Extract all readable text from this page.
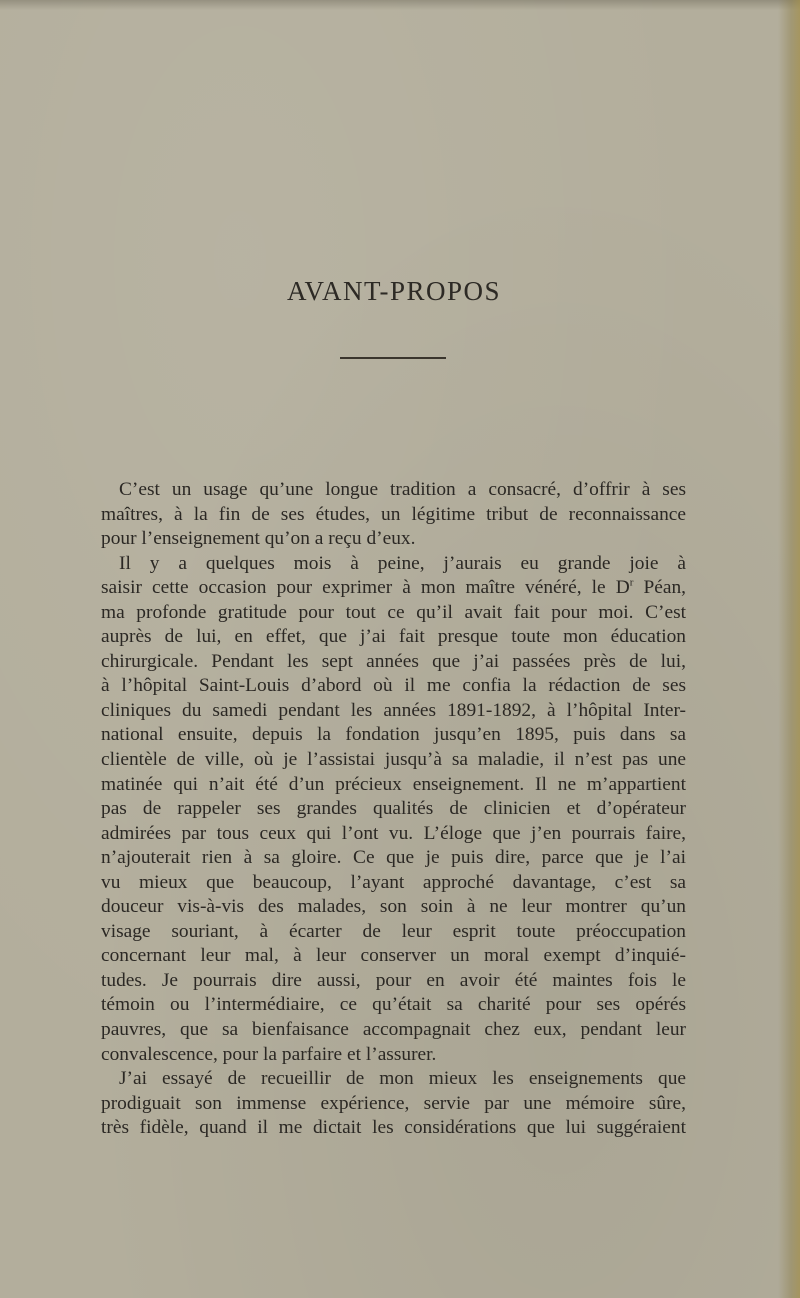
AVANT-PROPOS
C’est un usage qu’une longue tradition a consacré, d’offrir à ses
maîtres, à la fin de ses études, un légitime tribut de reconnaissance
pour l’enseignement qu’on a reçu d’eux.
Il y a quelques mois à peine, j’aurais eu grande joie à
saisir cette occasion pour exprimer à mon maître vénéré, le $D^r$ Péan,
ma profonde gratitude pour tout ce qu’il avait fait pour moi. C’est
auprès de lui, en effet, que j’ai fait presque toute mon éducation
chirurgicale. Pendant les sept années que j’ai passées près de lui,
à l’hôpital Saint-Louis d’abord où il me confia la rédaction de ses
cliniques du samedi pendant les années 1891-1892, à l’hôpital Inter-
national ensuite, depuis la fondation jusqu’en 1895, puis dans sa
clientèle de ville, où je l’assistai jusqu’à sa maladie, il n’est pas une
matinée qui n’ait été d’un précieux enseignement. Il ne m’appartient
pas de rappeler ses grandes qualités de clinicien et d’opérateur
admirées par tous ceux qui l’ont vu. L’éloge que j’en pourrais faire,
n’ajouterait rien à sa gloire. Ce que je puis dire, parce que je l’ai
vu mieux que beaucoup, l’ayant approché davantage, c’est sa
douceur vis-à-vis des malades, son soin à ne leur montrer qu’un
visage souriant, à écarter de leur esprit toute préoccupation
concernant leur mal, à leur conserver un moral exempt d’inquié-
tudes. Je pourrais dire aussi, pour en avoir été maintes fois le
témoin ou l’intermédiaire, ce qu’était sa charité pour ses opérés
pauvres, que sa bienfaisance accompagnait chez eux, pendant leur
convalescence, pour la parfaire et l’assurer.
J’ai essayé de recueillir de mon mieux les enseignements que
prodiguait son immense expérience, servie par une mémoire sûre,
très fidèle, quand il me dictait les considérations que lui suggéraient
